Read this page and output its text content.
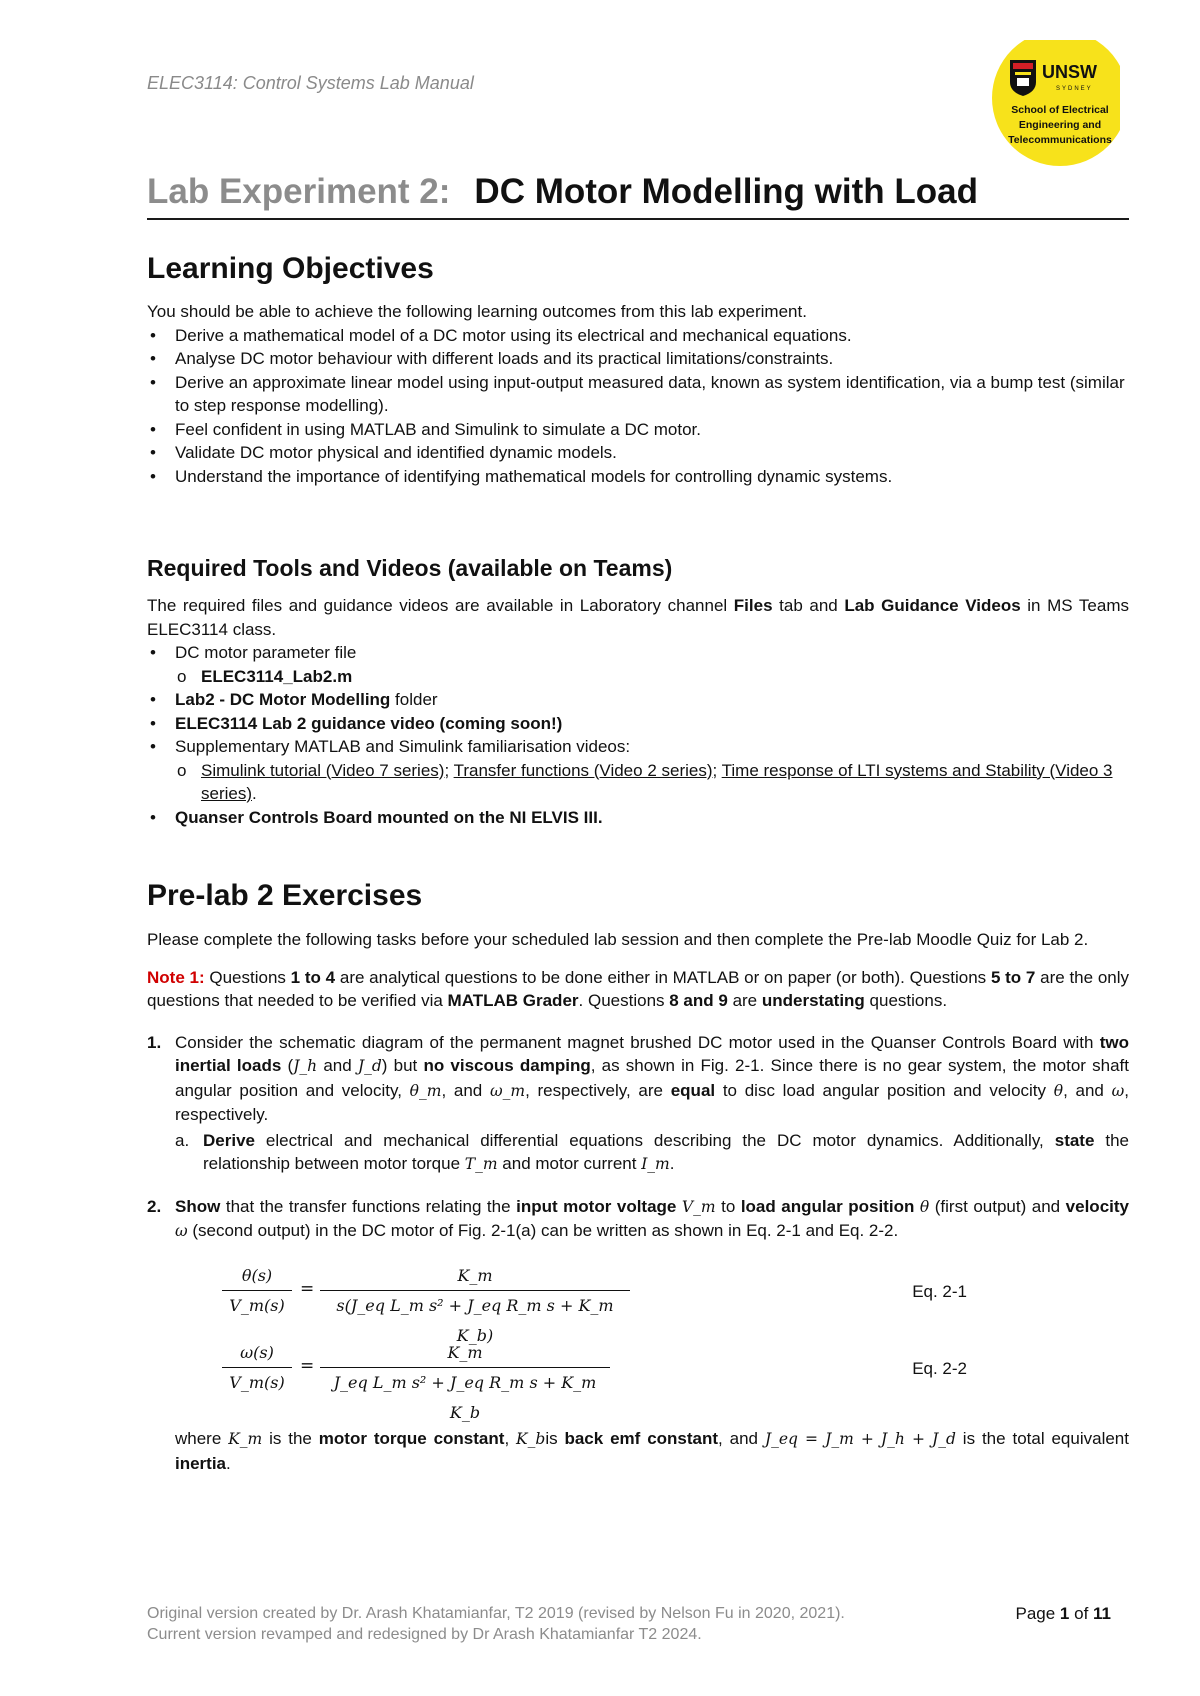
ELEC3114: Control Systems Lab Manual
UNSW
SYDNEY
School of Electrical
Engineering and
Telecommunications
Lab Experiment 2: DC Motor Modelling with Load
Learning Objectives

You should be able to achieve the following learning outcomes from this lab experiment.

• Derive a mathematical model of a DC motor using its electrical and mechanical equations.
• Analyse DC motor behaviour with different loads and its practical limitations/constraints.
• Derive an approximate linear model using input-output measured data, known as system identification, via a bump test (similar to step response modelling).
• Feel confident in using MATLAB and Simulink to simulate a DC motor.
• Validate DC motor physical and identified dynamic models.
• Understand the importance of identifying mathematical models for controlling dynamic systems.
Required Tools and Videos (available on Teams)

The required files and guidance videos are available in Laboratory channel Files tab and Lab Guidance Videos in MS Teams ELEC3114 class.

• DC motor parameter file
o ELEC3114_Lab2.m
• Lab2 - DC Motor Modelling folder
• ELEC3114 Lab 2 guidance video (coming soon!)
• Supplementary MATLAB and Simulink familiarisation videos:
o Simulink tutorial (Video 7 series); Transfer functions (Video 2 series); Time response of LTI systems and Stability (Video 3 series).
• Quanser Controls Board mounted on the NI ELVIS III.
Pre-lab 2 Exercises

Please complete the following tasks before your scheduled lab session and then complete the Pre-lab Moodle Quiz for Lab 2.

Note 1: Questions 1 to 4 are analytical questions to be done either in MATLAB or on paper (or both). Questions 5 to 7 are the only questions that needed to be verified via MATLAB Grader. Questions 8 and 9 are understating questions.

1. Consider the schematic diagram of the permanent magnet brushed DC motor used in the Quanser Controls Board with two inertial loads (J_h and J_d) but no viscous damping, as shown in Fig. 2-1. Since there is no gear system, the motor shaft angular position and velocity, θ_m, and ω_m, respectively, are equal to disc load angular position and velocity θ, and ω, respectively.
a. Derive electrical and mechanical differential equations describing the DC motor dynamics. Additionally, state the relationship between motor torque T_m and motor current I_m.
2. Show that the transfer functions relating the input motor voltage V_m to load angular position θ (first output) and velocity ω (second output) in the DC motor of Fig. 2-1(a) can be written as shown in Eq. 2-1 and Eq. 2-2.
$\frac{\theta(s)}{V\_m(s)} = \frac{K\_m}{\text{s(J\_eq L\_m s² + J\_eq R\_m s + K\_m K\_b)}}$	Eq. 2-1
$\frac{\omega(s)}{V\_m(s)} = \frac{K\_m}{\text{J\_eq L\_m s² + J\_eq R\_m s + K\_m K\_b}}$	Eq. 2-2
where K_m is the motor torque constant, K_bis back emf constant, and J_eq = J_m + J_h + J_d is the total equivalent inertia.
Original version created by Dr. Arash Khatamianfar, T2 2019 (revised by Nelson Fu in 2020, 2021).
Current version revamped and redesigned by Dr Arash Khatamianfar T2 2024.
Page 1 of 11
